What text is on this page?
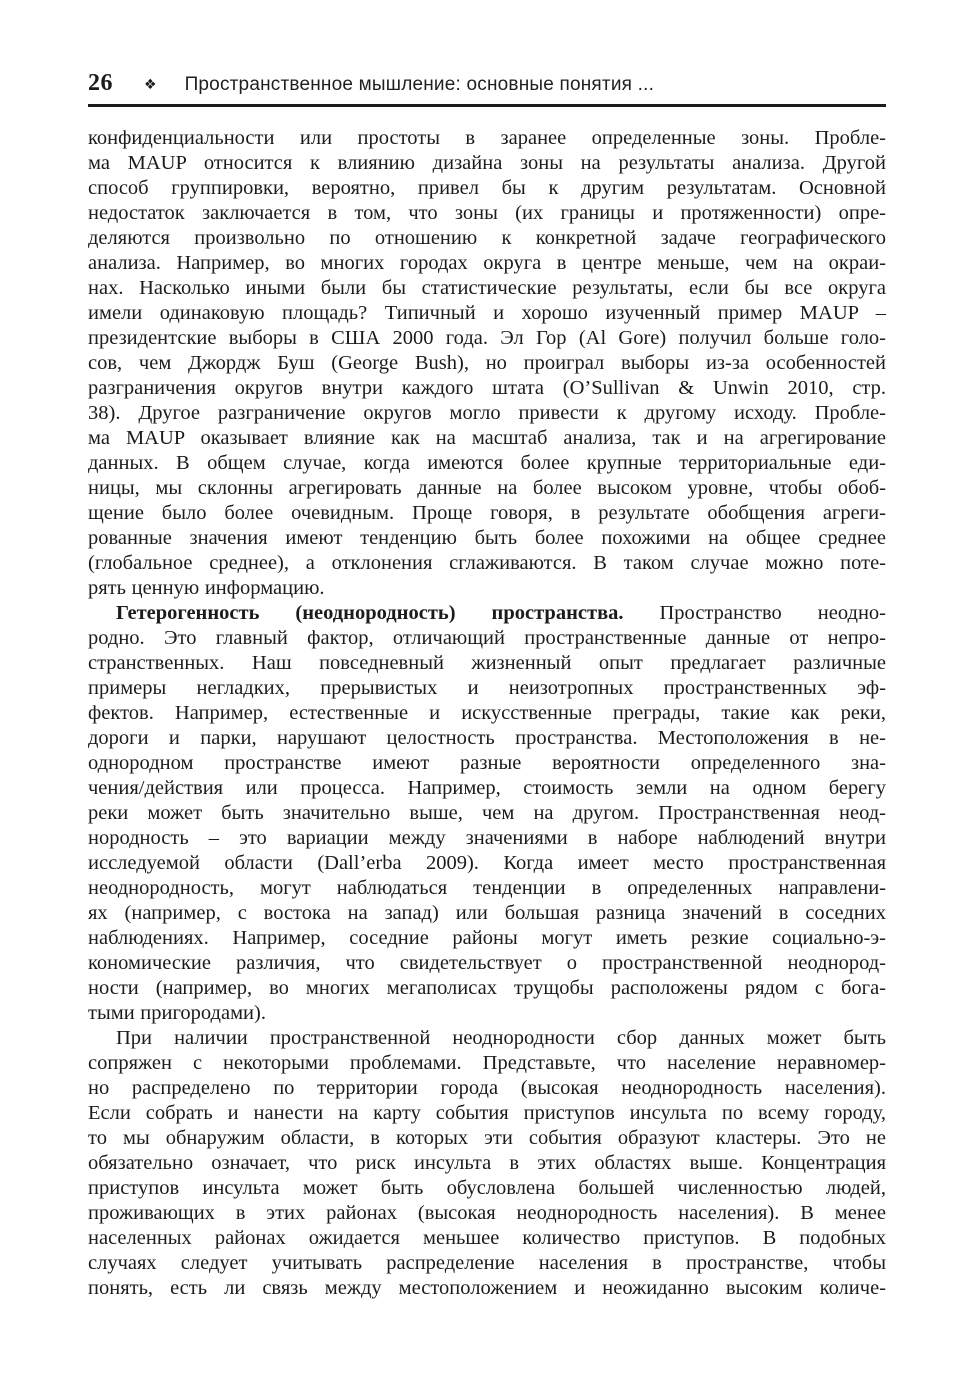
26 ❖ Пространственное мышление: основные понятия ...
конфиденциальности или простоты в заранее определенные зоны. Пробле-
ма MAUP относится к влиянию дизайна зоны на результаты анализа. Другой
способ группировки, вероятно, привел бы к другим результатам. Основной
недостаток заключается в том, что зоны (их границы и протяженности) опре-
деляются произвольно по отношению к конкретной задаче географического
анализа. Например, во многих городах округа в центре меньше, чем на окраи-
нах. Насколько иными были бы статистические результаты, если бы все округа
имели одинаковую площадь? Типичный и хорошо изученный пример MAUP –
президентские выборы в США 2000 года. Эл Гор (Al Gore) получил больше голо-
сов, чем Джордж Буш (George Bush), но проиграл выборы из-за особенностей
разграничения округов внутри каждого штата (O’Sullivan & Unwin 2010, стр.
38). Другое разграничение округов могло привести к другому исходу. Пробле-
ма MAUP оказывает влияние как на масштаб анализа, так и на агрегирование
данных. В общем случае, когда имеются более крупные территориальные еди-
ницы, мы склонны агрегировать данные на более высоком уровне, чтобы обоб-
щение было более очевидным. Проще говоря, в результате обобщения агреги-
рованные значения имеют тенденцию быть более похожими на общее среднее
(глобальное среднее), а отклонения сглаживаются. В таком случае можно поте-
рять ценную информацию.
Гетерогенность (неоднородность) пространства. Пространство неодно-
родно. Это главный фактор, отличающий пространственные данные от непро-
странственных. Наш повседневный жизненный опыт предлагает различные
примеры негладких, прерывистых и неизотропных пространственных эф-
фектов. Например, естественные и искусственные преграды, такие как реки,
дороги и парки, нарушают целостность пространства. Местоположения в не-
однородном пространстве имеют разные вероятности определенного зна-
чения/действия или процесса. Например, стоимость земли на одном берегу
реки может быть значительно выше, чем на другом. Пространственная неод-
нородность – это вариации между значениями в наборе наблюдений внутри
исследуемой области (Dall’erba 2009). Когда имеет место пространственная
неоднородность, могут наблюдаться тенденции в определенных направлени-
ях (например, с востока на запад) или большая разница значений в соседних
наблюдениях. Например, соседние районы могут иметь резкие социально-э-
кономические различия, что свидетельствует о пространственной неоднород-
ности (например, во многих мегаполисах трущобы расположены рядом с бога-
тыми пригородами).
При наличии пространственной неоднородности сбор данных может быть
сопряжен с некоторыми проблемами. Представьте, что население неравномер-
но распределено по территории города (высокая неоднородность населения).
Если собрать и нанести на карту события приступов инсульта по всему городу,
то мы обнаружим области, в которых эти события образуют кластеры. Это не
обязательно означает, что риск инсульта в этих областях выше. Концентрация
приступов инсульта может быть обусловлена большей численностью людей,
проживающих в этих районах (высокая неоднородность населения). В менее
населенных районах ожидается меньшее количество приступов. В подобных
случаях следует учитывать распределение населения в пространстве, чтобы
понять, есть ли связь между местоположением и неожиданно высоким количе-
